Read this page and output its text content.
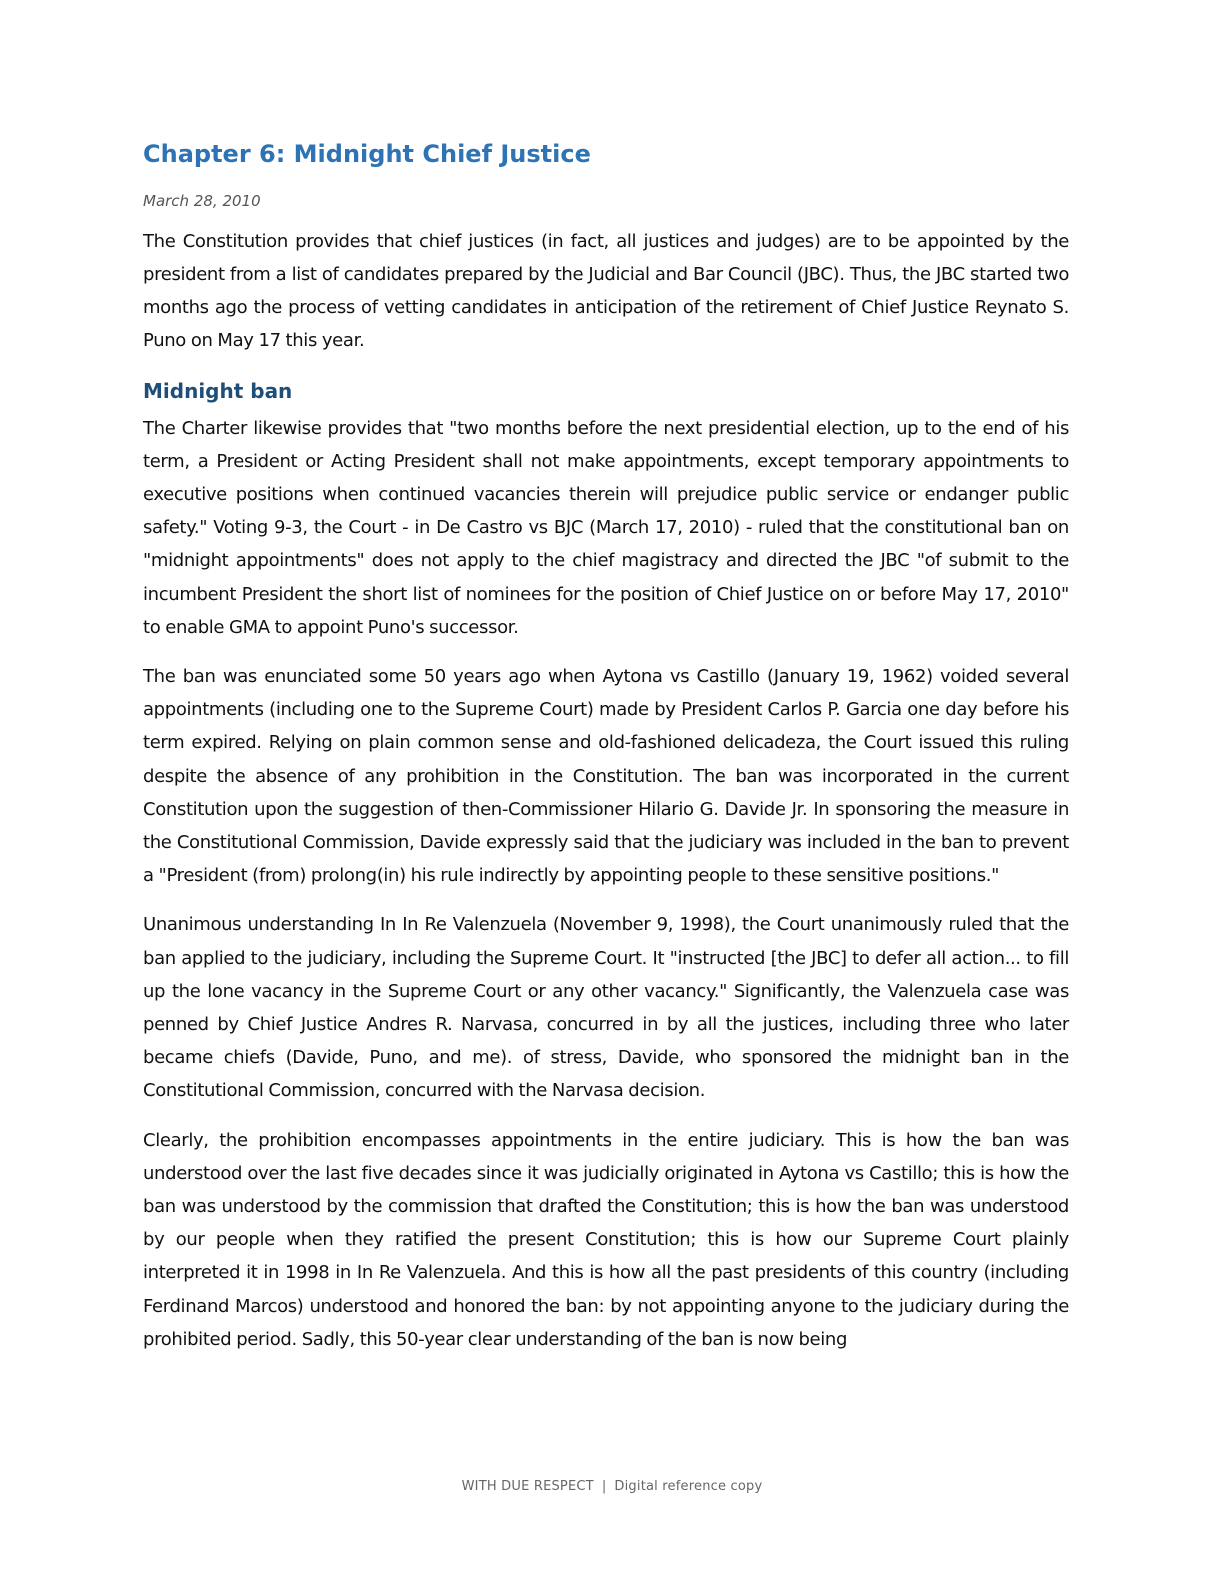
Chapter 6: Midnight Chief Justice
March 28, 2010

The Constitution provides that chief justices (in fact, all justices and judges) are to be appointed by the president from a list of candidates prepared by the Judicial and Bar Council (JBC). Thus, the JBC started two months ago the process of vetting candidates in anticipation of the retirement of Chief Justice Reynato S. Puno on May 17 this year.

Midnight ban

The Charter likewise provides that "two months before the next presidential election, up to the end of his term, a President or Acting President shall not make appointments, except temporary appointments to executive positions when continued vacancies therein will prejudice public service or endanger public safety." Voting 9-3, the Court - in De Castro vs BJC (March 17, 2010) - ruled that the constitutional ban on "midnight appointments" does not apply to the chief magistracy and directed the JBC "of submit to the incumbent President the short list of nominees for the position of Chief Justice on or before May 17, 2010" to enable GMA to appoint Puno's successor.

The ban was enunciated some 50 years ago when Aytona vs Castillo (January 19, 1962) voided several appointments (including one to the Supreme Court) made by President Carlos P. Garcia one day before his term expired. Relying on plain common sense and old-fashioned delicadeza, the Court issued this ruling despite the absence of any prohibition in the Constitution. The ban was incorporated in the current Constitution upon the suggestion of then-Commissioner Hilario G. Davide Jr. In sponsoring the measure in the Constitutional Commission, Davide expressly said that the judiciary was included in the ban to prevent a "President (from) prolong(in) his rule indirectly by appointing people to these sensitive positions."

Unanimous understanding In In Re Valenzuela (November 9, 1998), the Court unanimously ruled that the ban applied to the judiciary, including the Supreme Court. It "instructed [the JBC] to defer all action... to fill up the lone vacancy in the Supreme Court or any other vacancy." Significantly, the Valenzuela case was penned by Chief Justice Andres R. Narvasa, concurred in by all the justices, including three who later became chiefs (Davide, Puno, and me). of stress, Davide, who sponsored the midnight ban in the Constitutional Commission, concurred with the Narvasa decision.

Clearly, the prohibition encompasses appointments in the entire judiciary. This is how the ban was understood over the last five decades since it was judicially originated in Aytona vs Castillo; this is how the ban was understood by the commission that drafted the Constitution; this is how the ban was understood by our people when they ratified the present Constitution; this is how our Supreme Court plainly interpreted it in 1998 in In Re Valenzuela. And this is how all the past presidents of this country (including Ferdinand Marcos) understood and honored the ban: by not appointing anyone to the judiciary during the prohibited period. Sadly, this 50-year clear understanding of the ban is now being

WITH DUE RESPECT | Digital reference copy
